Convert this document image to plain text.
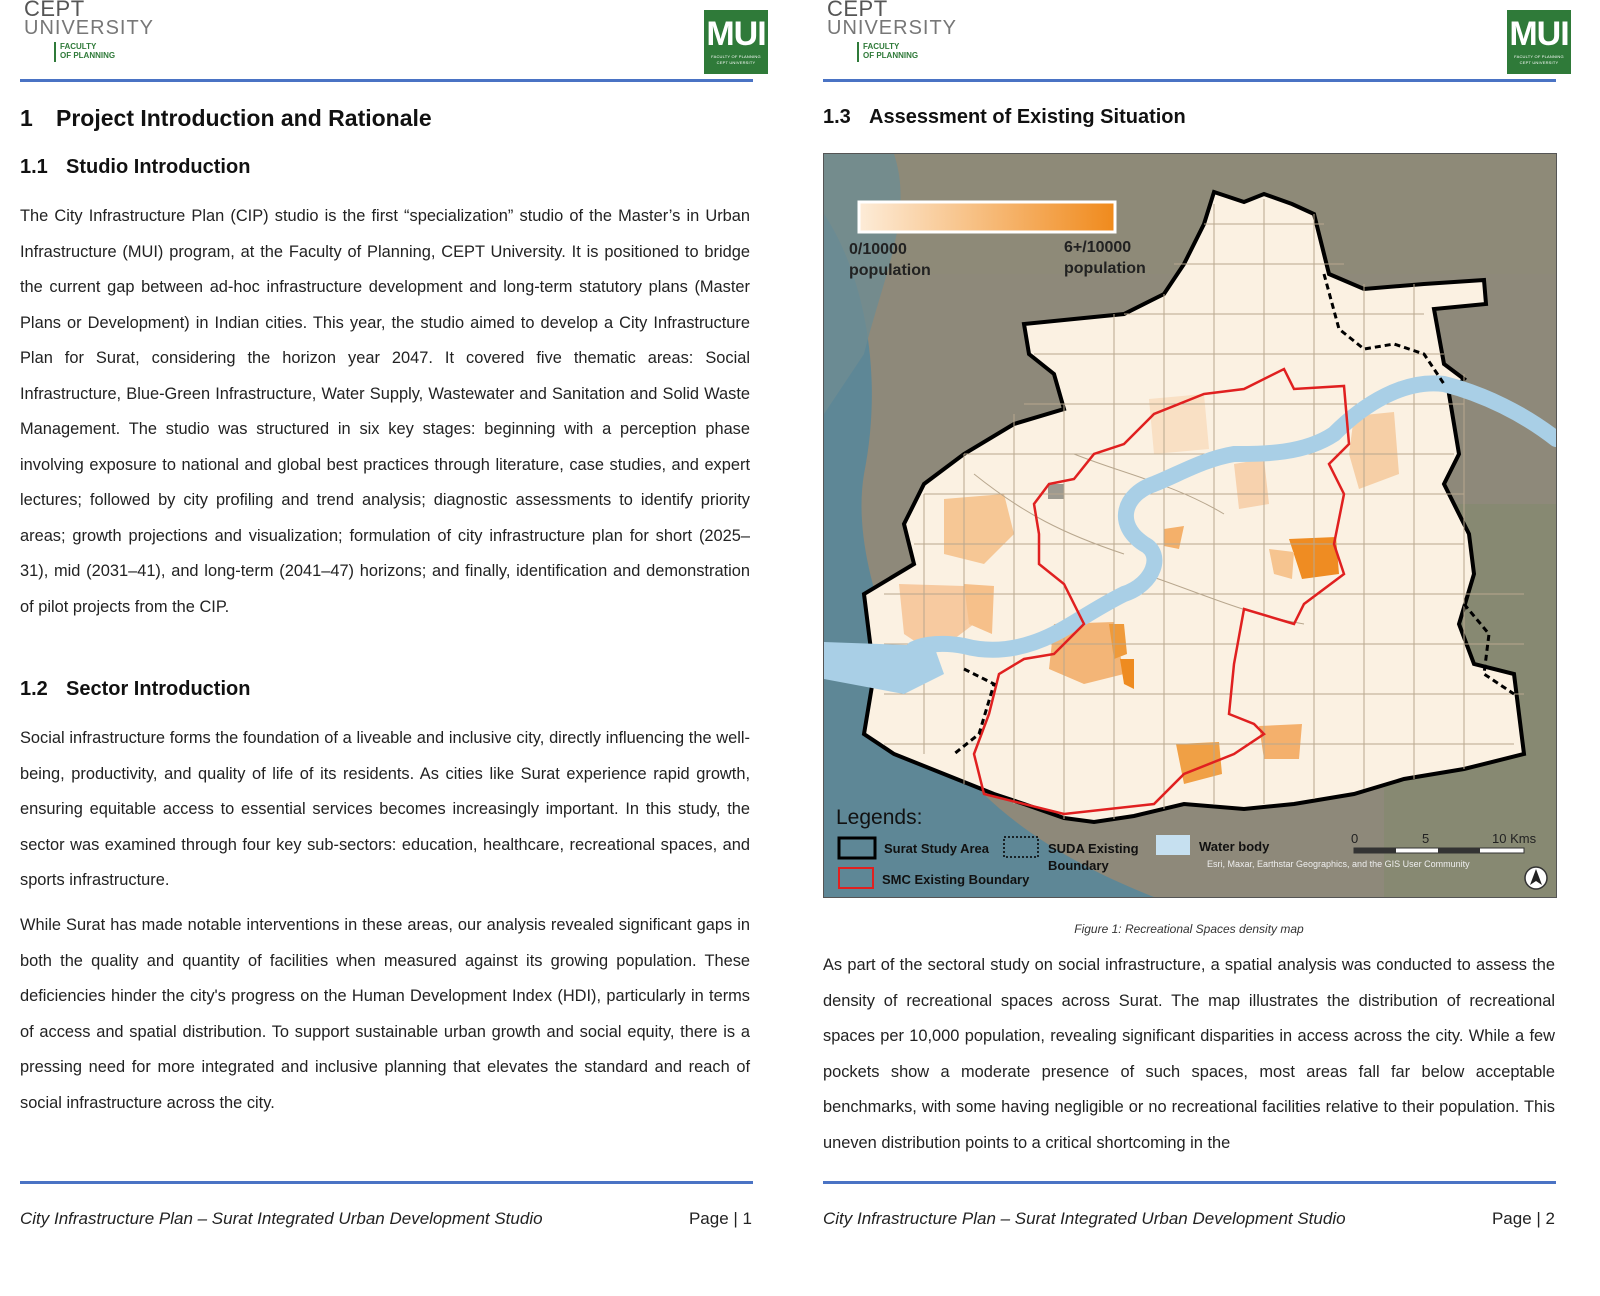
CEPT
UNIVERSITY
FACULTY
OF PLANNING
MUI
FACULTY OF PLANNING
CEPT UNIVERSITY
1 Project Introduction and Rationale
1.1 Studio Introduction
The City Infrastructure Plan (CIP) studio is the first “specialization” studio of the Master’s in Urban Infrastructure (MUI) program, at the Faculty of Planning, CEPT University. It is positioned to bridge the current gap between ad-hoc infrastructure development and long-term statutory plans (Master Plans or Development) in Indian cities. This year, the studio aimed to develop a City Infrastructure Plan for Surat, considering the horizon year 2047. It covered five thematic areas: Social Infrastructure, Blue-Green Infrastructure, Water Supply, Wastewater and Sanitation and Solid Waste Management. The studio was structured in six key stages: beginning with a perception phase involving exposure to national and global best practices through literature, case studies, and expert lectures; followed by city profiling and trend analysis; diagnostic assessments to identify priority areas; growth projections and visualization; formulation of city infrastructure plan for short (2025–31), mid (2031–41), and long-term (2041–47) horizons; and finally, identification and demonstration of pilot projects from the CIP.
1.2 Sector Introduction
Social infrastructure forms the foundation of a liveable and inclusive city, directly influencing the well-being, productivity, and quality of life of its residents. As cities like Surat experience rapid growth, ensuring equitable access to essential services becomes increasingly important. In this study, the sector was examined through four key sub-sectors: education, healthcare, recreational spaces, and sports infrastructure.
While Surat has made notable interventions in these areas, our analysis revealed significant gaps in both the quality and quantity of facilities when measured against its growing population. These deficiencies hinder the city's progress on the Human Development Index (HDI), particularly in terms of access and spatial distribution. To support sustainable urban growth and social equity, there is a pressing need for more integrated and inclusive planning that elevates the standard and reach of social infrastructure across the city.
City Infrastructure Plan – Surat Integrated Urban Development Studio	Page | 1
CEPT
UNIVERSITY
FACULTY
OF PLANNING
MUI
FACULTY OF PLANNING
CEPT UNIVERSITY
1.3 Assessment of Existing Situation
0/10000
population
6+/10000
population
Legends:
Surat Study Area	SUDA Existing
Boundary
Water body
SMC Existing Boundary
0	5	10 Kms
Esri, Maxar, Earthstar Geographics, and the GIS User Community
Figure 1: Recreational Spaces density map
As part of the sectoral study on social infrastructure, a spatial analysis was conducted to assess the density of recreational spaces across Surat. The map illustrates the distribution of recreational spaces per 10,000 population, revealing significant disparities in access across the city. While a few pockets show a moderate presence of such spaces, most areas fall far below acceptable benchmarks, with some having negligible or no recreational facilities relative to their population. This uneven distribution points to a critical shortcoming in the
City Infrastructure Plan – Surat Integrated Urban Development Studio	Page | 2
